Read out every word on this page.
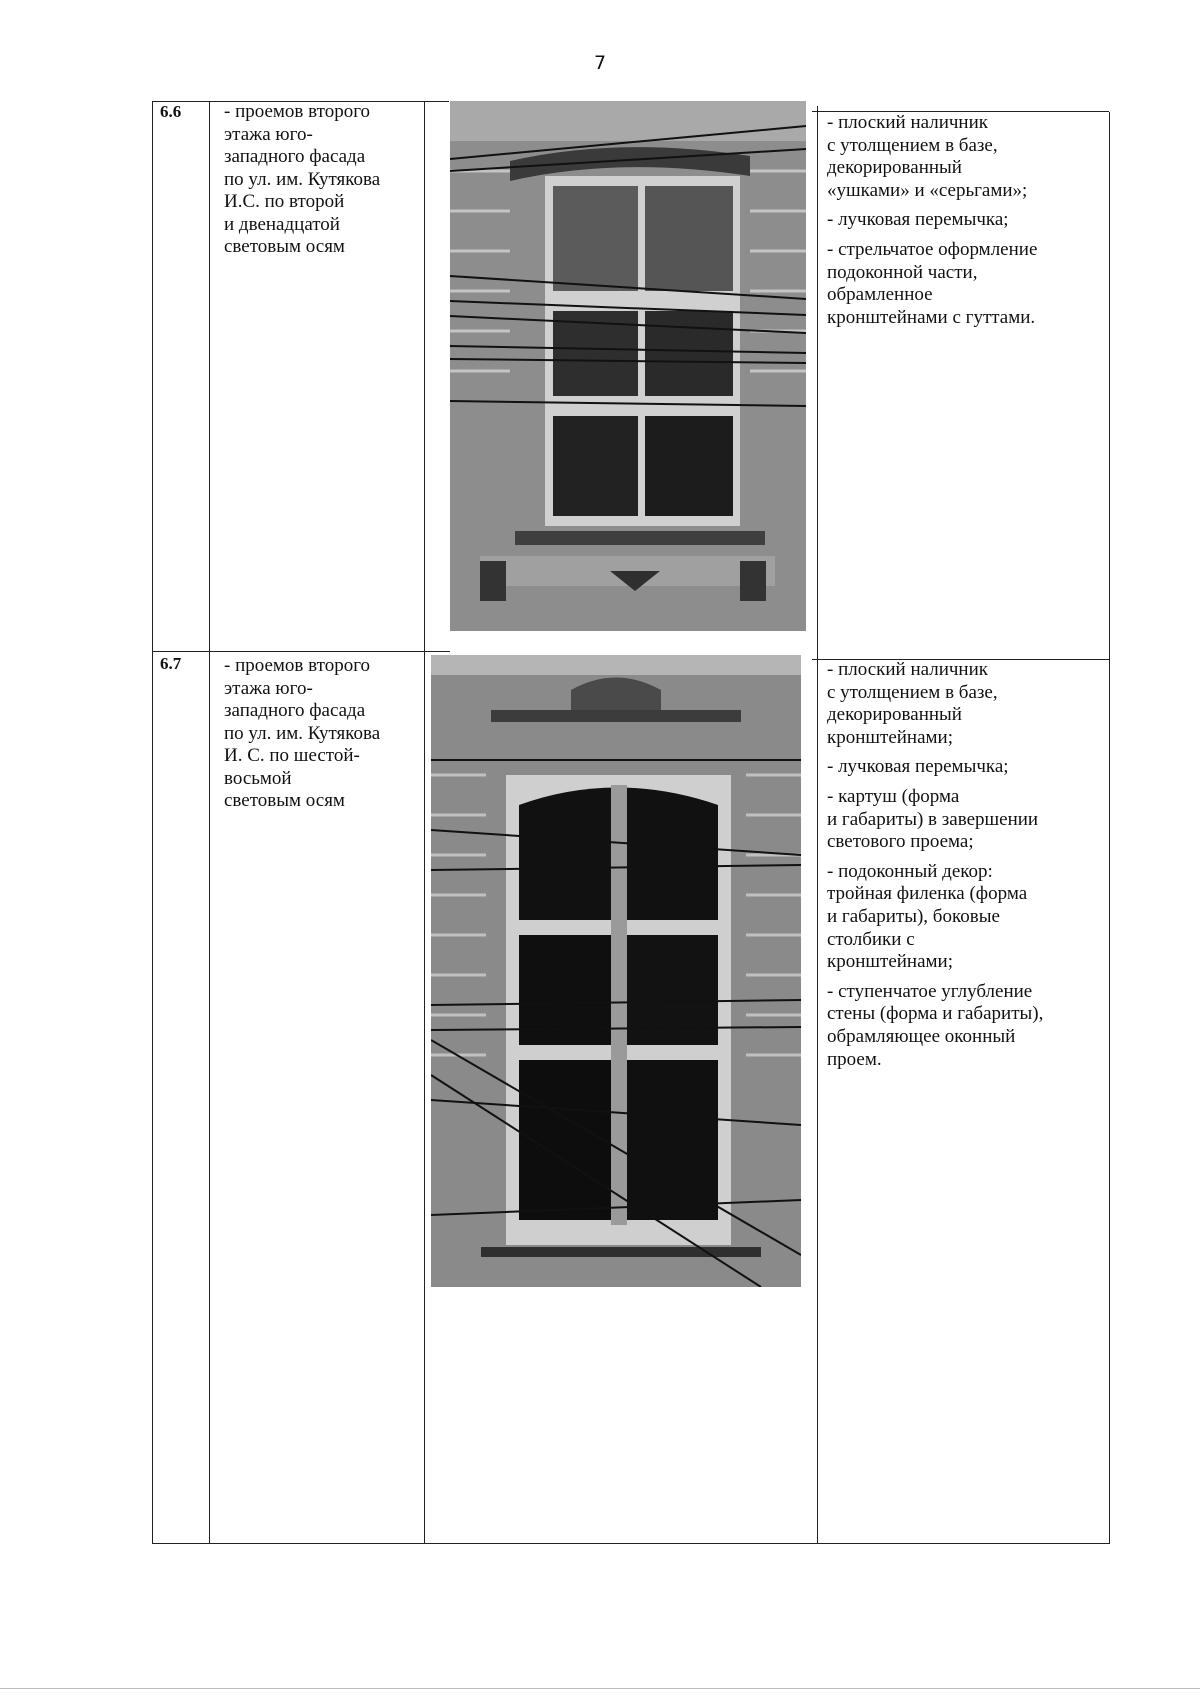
7
6.6 - проемов второго

этажа юго-

западного фасада

по ул. им. Кутякова

И.С. по второй

и двенадцатой

световым осям

- плоский наличник

с утолщением в базе,

декорированный

«ушками» и «серьгами»;

- лучковая перемычка;

- стрельчатое оформление

подоконной части,

обрамленное

кронштейнами с гуттами.

6.7 - проемов второго

этажа юго-

западного фасада

по ул. им. Кутякова

И. С. по шестой-

восьмой

световым осям

- плоский наличник

с утолщением в базе,

декорированный

кронштейнами;

- лучковая перемычка;

- картуш (форма

и габариты) в завершении

светового проема;

- подоконный декор:

тройная филенка (форма

и габариты), боковые

столбики с

кронштейнами;

- ступенчатое углубление

стены (форма и габариты),

обрамляющее оконный

проем.
